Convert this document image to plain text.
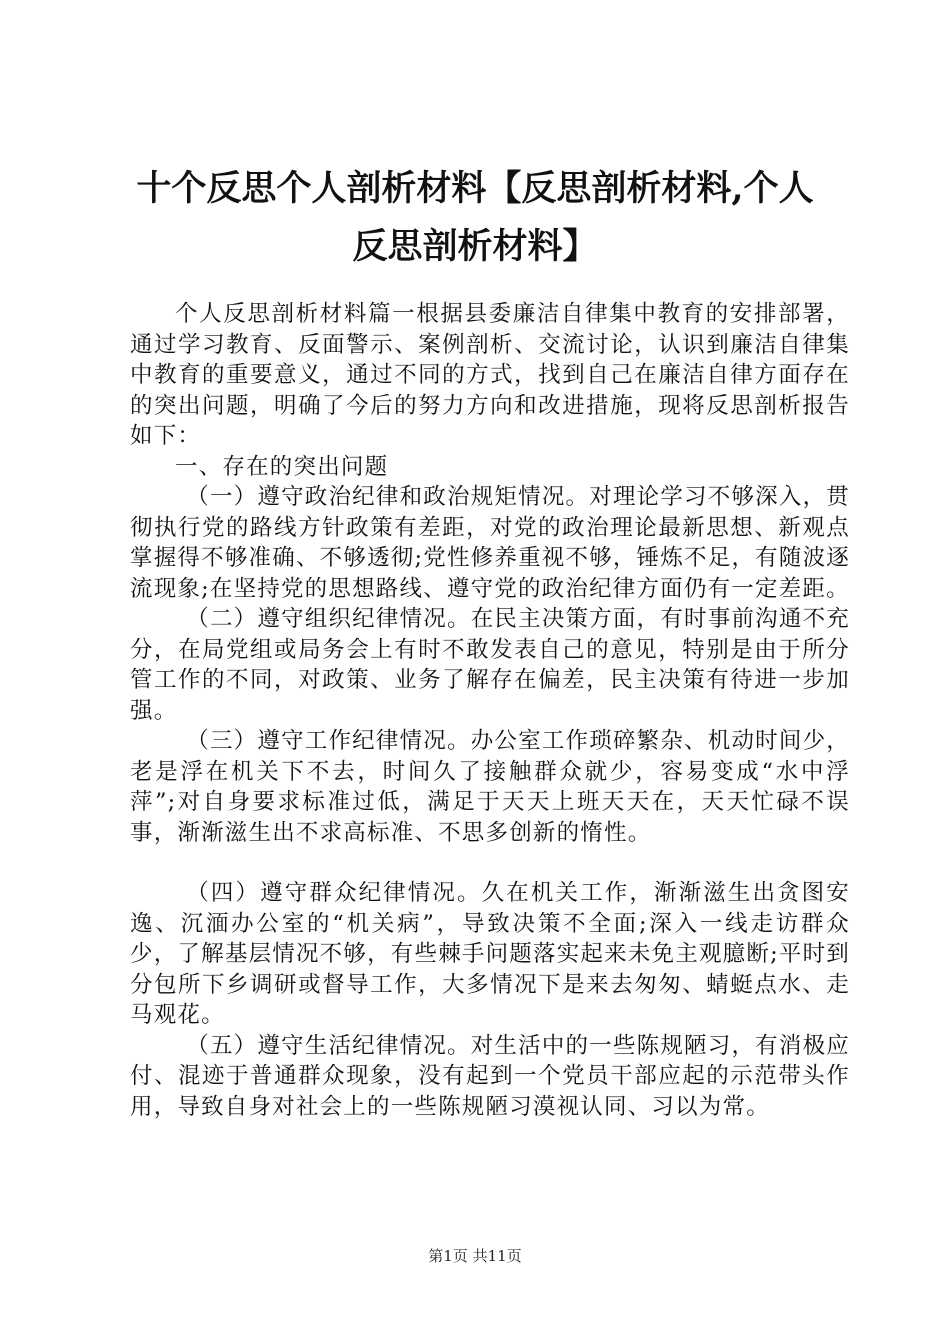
十个反思个人剖析材料【反思剖析材料,个人反思剖析材料】

个人反思剖析材料篇一根据县委廉洁自律集中教育的安排部署，通过学习教育、反面警示、案例剖析、交流讨论，认识到廉洁自律集中教育的重要意义，通过不同的方式，找到自己在廉洁自律方面存在的突出问题，明确了今后的努力方向和改进措施，现将反思剖析报告如下：

一、存在的突出问题

（一）遵守政治纪律和政治规矩情况。对理论学习不够深入，贯彻执行党的路线方针政策有差距，对党的政治理论最新思想、新观点掌握得不够准确、不够透彻;党性修养重视不够，锤炼不足，有随波逐流现象;在坚持党的思想路线、遵守党的政治纪律方面仍有一定差距。

（二）遵守组织纪律情况。在民主决策方面，有时事前沟通不充分，在局党组或局务会上有时不敢发表自己的意见，特别是由于所分管工作的不同，对政策、业务了解存在偏差，民主决策有待进一步加强。

（三）遵守工作纪律情况。办公室工作琐碎繁杂、机动时间少，老是浮在机关下不去，时间久了接触群众就少，容易变成“水中浮萍”;对自身要求标准过低，满足于天天上班天天在，天天忙碌不误事，渐渐滋生出不求高标准、不思多创新的惰性。

（四）遵守群众纪律情况。久在机关工作，渐渐滋生出贪图安逸、沉湎办公室的“机关病”，导致决策不全面;深入一线走访群众少，了解基层情况不够，有些棘手问题落实起来未免主观臆断;平时到分包所下乡调研或督导工作，大多情况下是来去匆匆、蜻蜓点水、走马观花。

（五）遵守生活纪律情况。对生活中的一些陈规陋习，有消极应付、混迹于普通群众现象，没有起到一个党员干部应起的示范带头作用，导致自身对社会上的一些陈规陋习漠视认同、习以为常。

第1页 共11页
